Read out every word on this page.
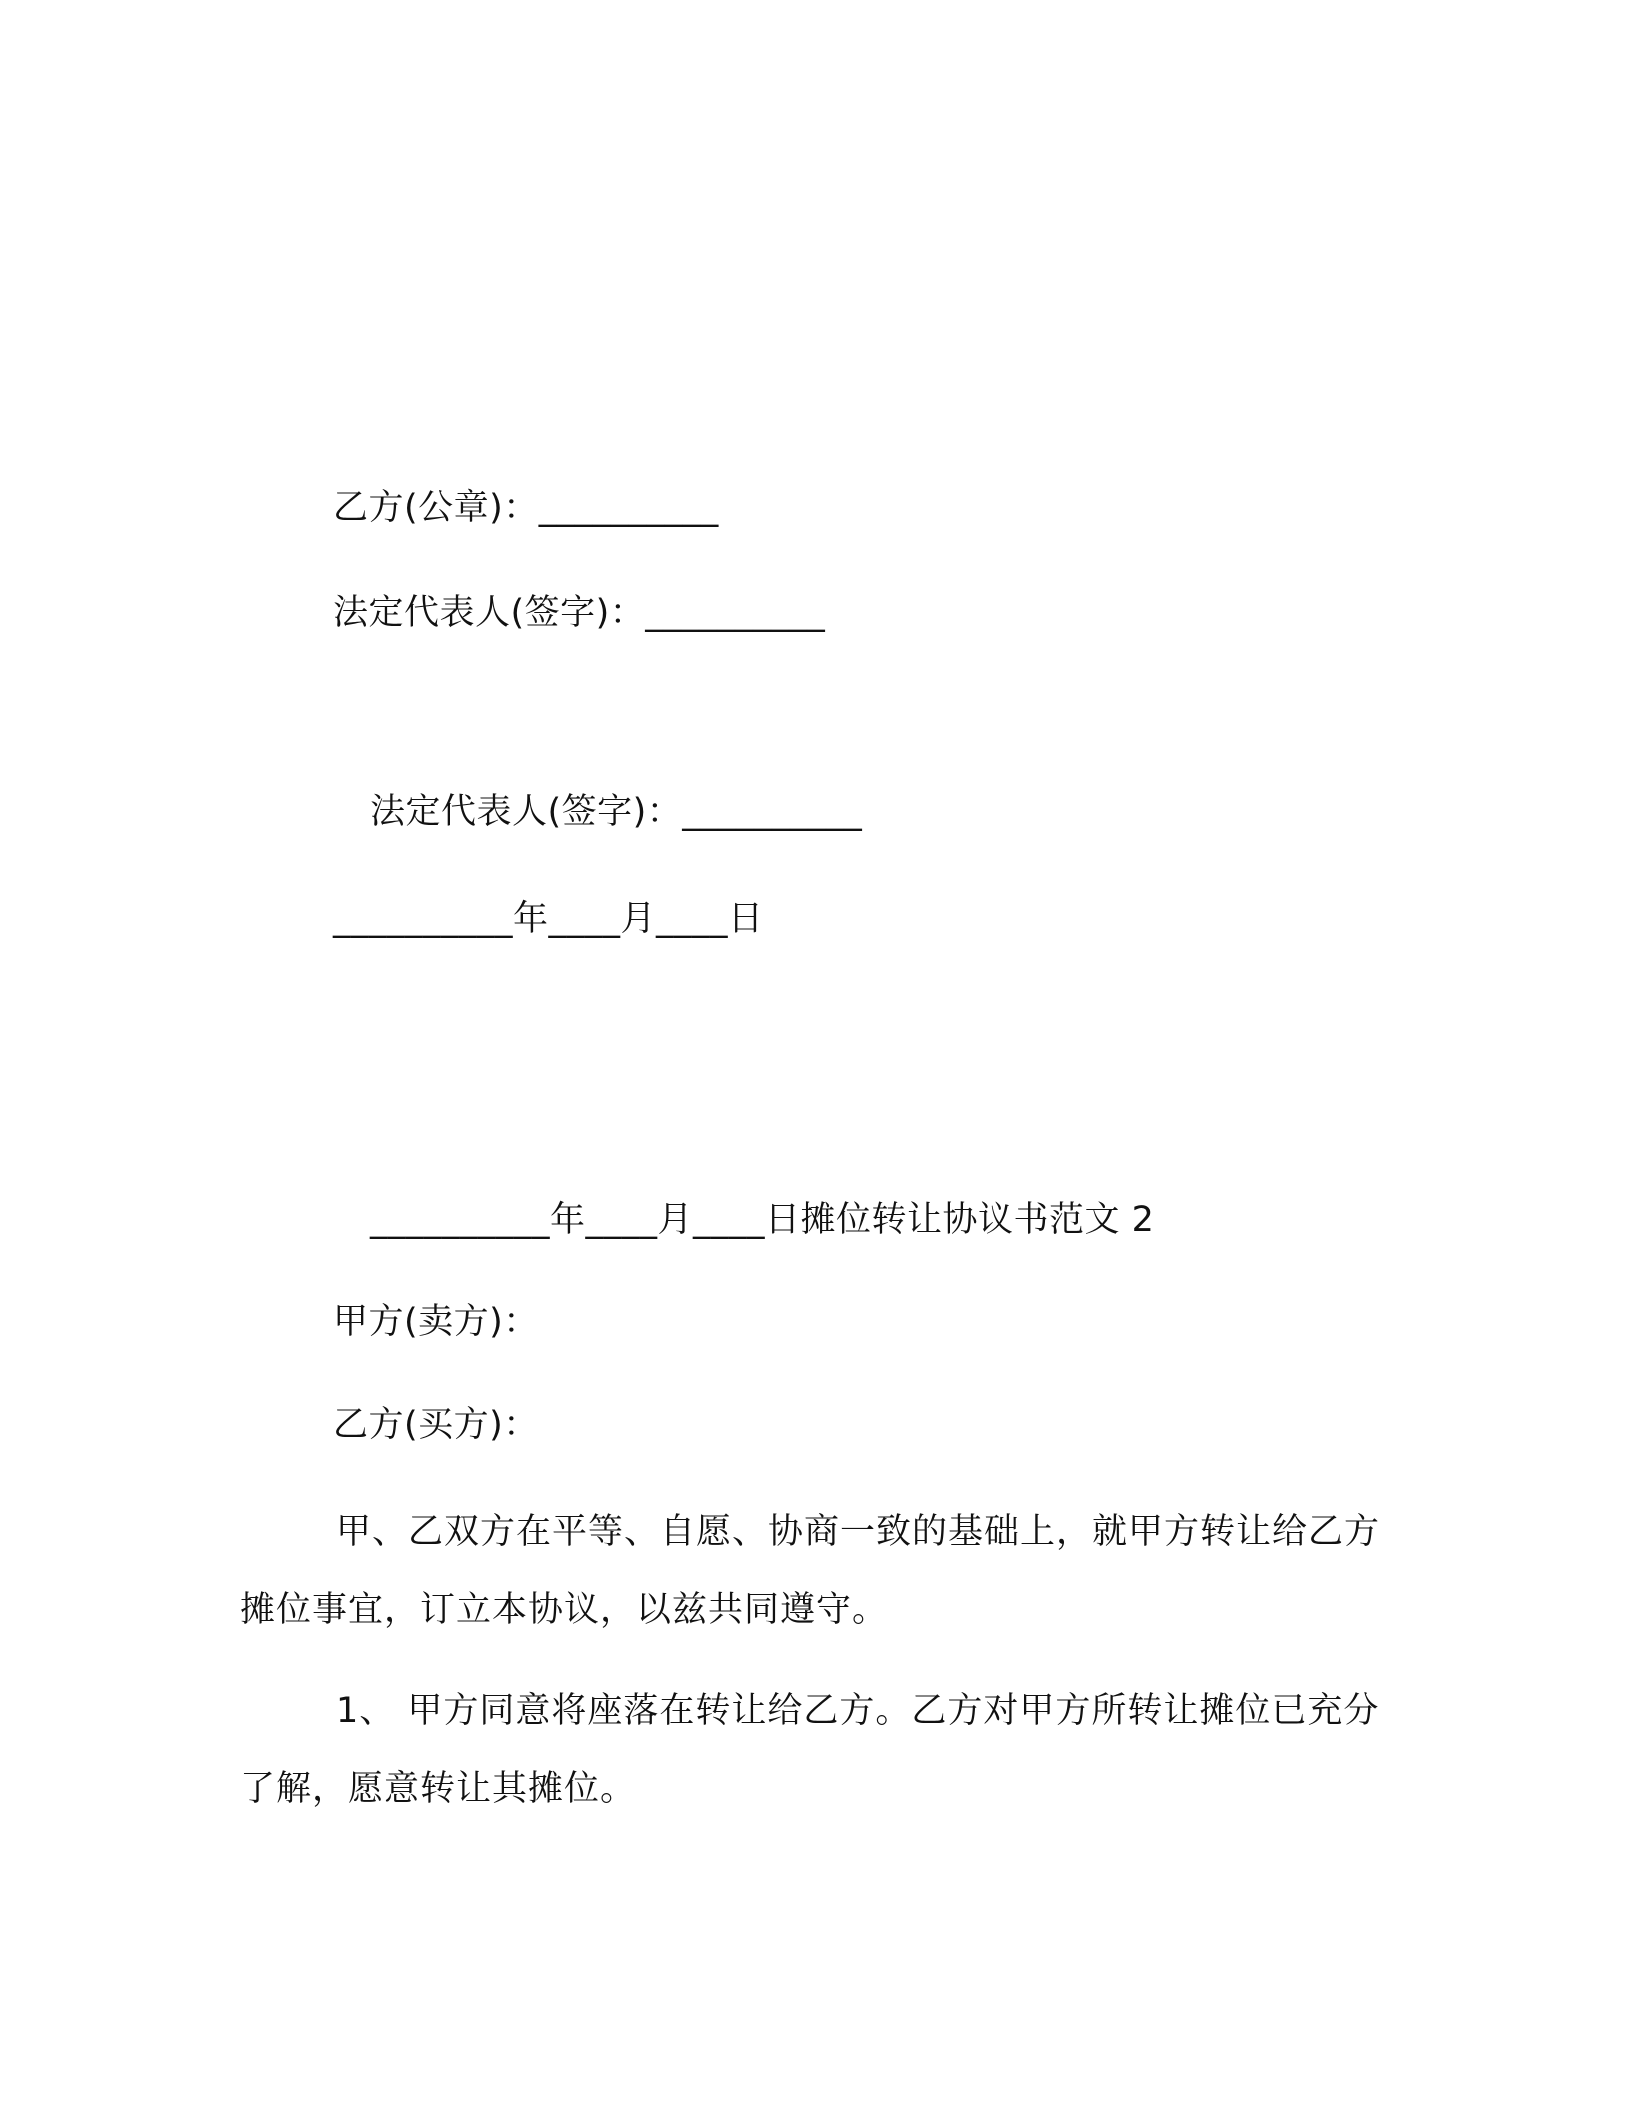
乙方(公章)：__________
法定代表人(签字)：__________
法定代表人(签字)：__________
__________年____月____日
__________年____月____日摊位转让协议书范文 2
甲方(卖方)：
乙方(买方)：
甲、乙双方在平等、自愿、协商一致的基础上，就甲方转让给乙方摊位事宜，订立本协议，以兹共同遵守。
1、 甲方同意将座落在转让给乙方。乙方对甲方所转让摊位已充分了解，愿意转让其摊位。
